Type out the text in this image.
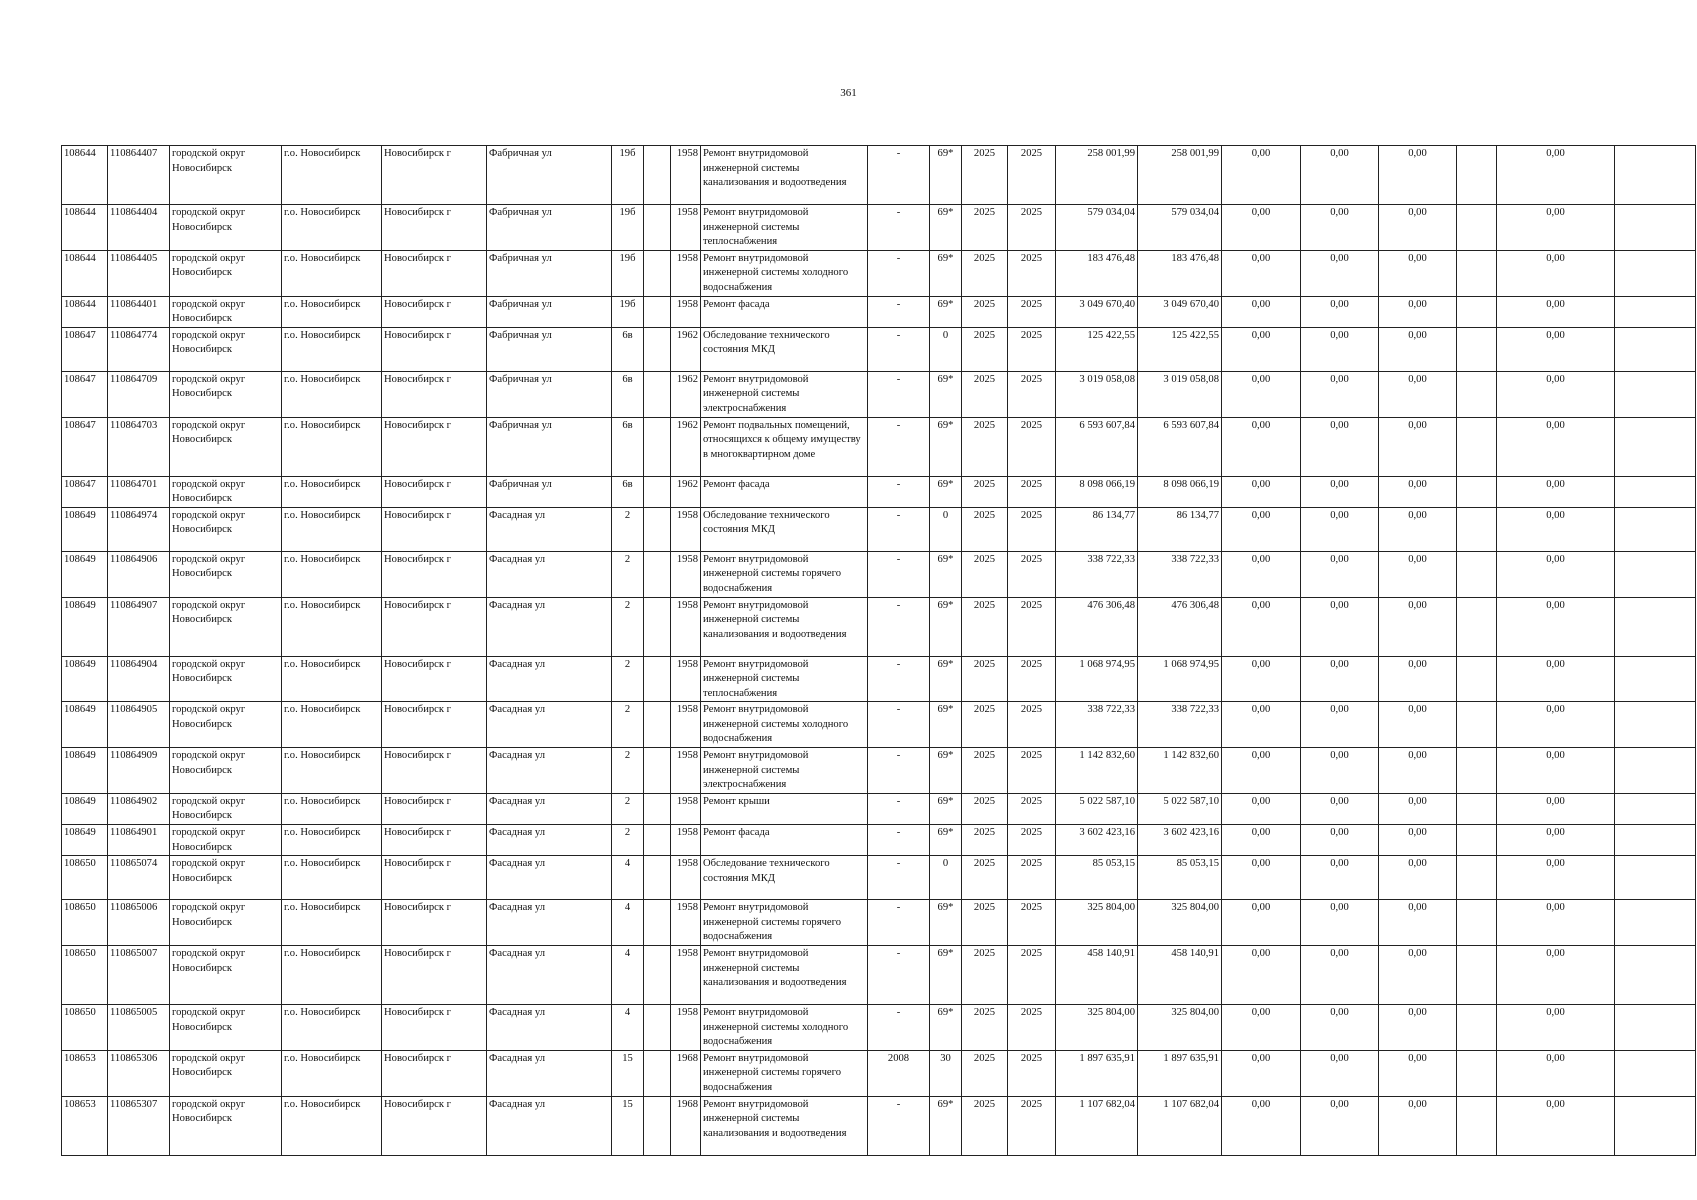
361
108644	110864407	городской округ Новосибирск	г.о. Новосибирск	Новосибирск г	Фабричная ул	19б		1958	Ремонт внутридомовой инженерной системы канализования и водоотведения	-	69*	2025	2025	258 001,99	258 001,99	0,00	0,00	0,00		0,00	
108644	110864404	городской округ Новосибирск	г.о. Новосибирск	Новосибирск г	Фабричная ул	19б		1958	Ремонт внутридомовой инженерной системы теплоснабжения	-	69*	2025	2025	579 034,04	579 034,04	0,00	0,00	0,00		0,00	
108644	110864405	городской округ Новосибирск	г.о. Новосибирск	Новосибирск г	Фабричная ул	19б		1958	Ремонт внутридомовой инженерной системы холодного водоснабжения	-	69*	2025	2025	183 476,48	183 476,48	0,00	0,00	0,00		0,00	
108644	110864401	городской округ Новосибирск	г.о. Новосибирск	Новосибирск г	Фабричная ул	19б		1958	Ремонт фасада	-	69*	2025	2025	3 049 670,40	3 049 670,40	0,00	0,00	0,00		0,00	
108647	110864774	городской округ Новосибирск	г.о. Новосибирск	Новосибирск г	Фабричная ул	6в		1962	Обследование технического состояния МКД	-	0	2025	2025	125 422,55	125 422,55	0,00	0,00	0,00		0,00	
108647	110864709	городской округ Новосибирск	г.о. Новосибирск	Новосибирск г	Фабричная ул	6в		1962	Ремонт внутридомовой инженерной системы электроснабжения	-	69*	2025	2025	3 019 058,08	3 019 058,08	0,00	0,00	0,00		0,00	
108647	110864703	городской округ Новосибирск	г.о. Новосибирск	Новосибирск г	Фабричная ул	6в		1962	Ремонт подвальных помещений, относящихся к общему имуществу в многоквартирном доме	-	69*	2025	2025	6 593 607,84	6 593 607,84	0,00	0,00	0,00		0,00	
108647	110864701	городской округ Новосибирск	г.о. Новосибирск	Новосибирск г	Фабричная ул	6в		1962	Ремонт фасада	-	69*	2025	2025	8 098 066,19	8 098 066,19	0,00	0,00	0,00		0,00	
108649	110864974	городской округ Новосибирск	г.о. Новосибирск	Новосибирск г	Фасадная ул	2		1958	Обследование технического состояния МКД	-	0	2025	2025	86 134,77	86 134,77	0,00	0,00	0,00		0,00	
108649	110864906	городской округ Новосибирск	г.о. Новосибирск	Новосибирск г	Фасадная ул	2		1958	Ремонт внутридомовой инженерной системы горячего водоснабжения	-	69*	2025	2025	338 722,33	338 722,33	0,00	0,00	0,00		0,00	
108649	110864907	городской округ Новосибирск	г.о. Новосибирск	Новосибирск г	Фасадная ул	2		1958	Ремонт внутридомовой инженерной системы канализования и водоотведения	-	69*	2025	2025	476 306,48	476 306,48	0,00	0,00	0,00		0,00	
108649	110864904	городской округ Новосибирск	г.о. Новосибирск	Новосибирск г	Фасадная ул	2		1958	Ремонт внутридомовой инженерной системы теплоснабжения	-	69*	2025	2025	1 068 974,95	1 068 974,95	0,00	0,00	0,00		0,00	
108649	110864905	городской округ Новосибирск	г.о. Новосибирск	Новосибирск г	Фасадная ул	2		1958	Ремонт внутридомовой инженерной системы холодного водоснабжения	-	69*	2025	2025	338 722,33	338 722,33	0,00	0,00	0,00		0,00	
108649	110864909	городской округ Новосибирск	г.о. Новосибирск	Новосибирск г	Фасадная ул	2		1958	Ремонт внутридомовой инженерной системы электроснабжения	-	69*	2025	2025	1 142 832,60	1 142 832,60	0,00	0,00	0,00		0,00	
108649	110864902	городской округ Новосибирск	г.о. Новосибирск	Новосибирск г	Фасадная ул	2		1958	Ремонт крыши	-	69*	2025	2025	5 022 587,10	5 022 587,10	0,00	0,00	0,00		0,00	
108649	110864901	городской округ Новосибирск	г.о. Новосибирск	Новосибирск г	Фасадная ул	2		1958	Ремонт фасада	-	69*	2025	2025	3 602 423,16	3 602 423,16	0,00	0,00	0,00		0,00	
108650	110865074	городской округ Новосибирск	г.о. Новосибирск	Новосибирск г	Фасадная ул	4		1958	Обследование технического состояния МКД	-	0	2025	2025	85 053,15	85 053,15	0,00	0,00	0,00		0,00	
108650	110865006	городской округ Новосибирск	г.о. Новосибирск	Новосибирск г	Фасадная ул	4		1958	Ремонт внутридомовой инженерной системы горячего водоснабжения	-	69*	2025	2025	325 804,00	325 804,00	0,00	0,00	0,00		0,00	
108650	110865007	городской округ Новосибирск	г.о. Новосибирск	Новосибирск г	Фасадная ул	4		1958	Ремонт внутридомовой инженерной системы канализования и водоотведения	-	69*	2025	2025	458 140,91	458 140,91	0,00	0,00	0,00		0,00	
108650	110865005	городской округ Новосибирск	г.о. Новосибирск	Новосибирск г	Фасадная ул	4		1958	Ремонт внутридомовой инженерной системы холодного водоснабжения	-	69*	2025	2025	325 804,00	325 804,00	0,00	0,00	0,00		0,00	
108653	110865306	городской округ Новосибирск	г.о. Новосибирск	Новосибирск г	Фасадная ул	15		1968	Ремонт внутридомовой инженерной системы горячего водоснабжения	2008	30	2025	2025	1 897 635,91	1 897 635,91	0,00	0,00	0,00		0,00	
108653	110865307	городской округ Новосибирск	г.о. Новосибирск	Новосибирск г	Фасадная ул	15		1968	Ремонт внутридомовой инженерной системы канализования и водоотведения	-	69*	2025	2025	1 107 682,04	1 107 682,04	0,00	0,00	0,00		0,00	
